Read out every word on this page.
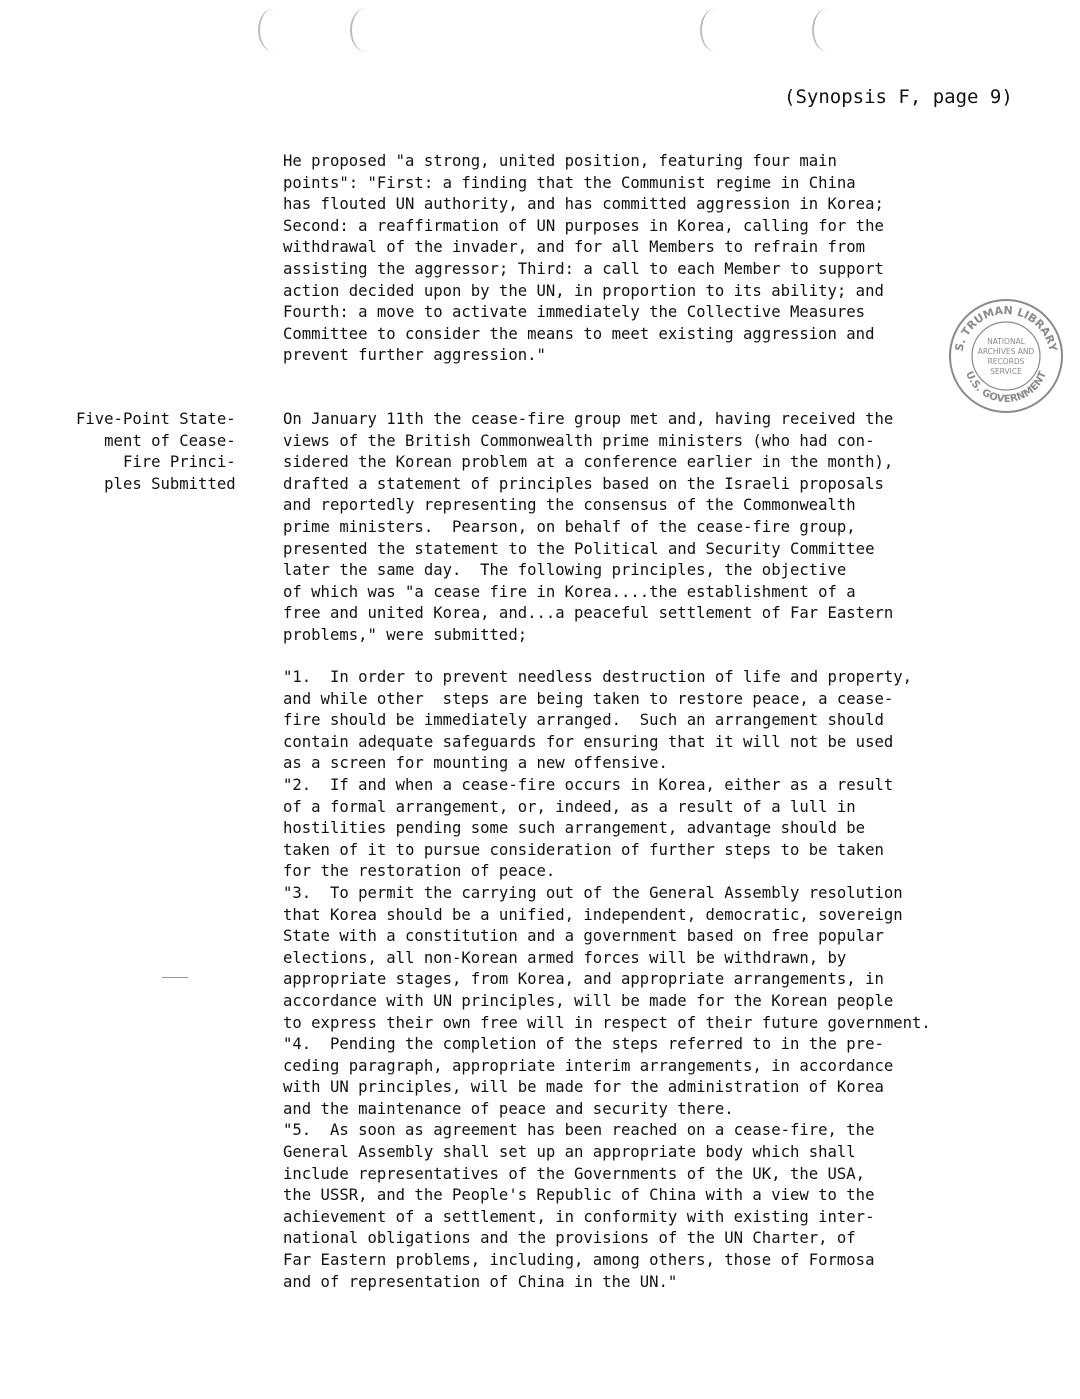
(Synopsis F, page 9)
He proposed "a strong, united position, featuring four main
points": "First: a finding that the Communist regime in China
has flouted UN authority, and has committed aggression in Korea;
Second: a reaffirmation of UN purposes in Korea, calling for the
withdrawal of the invader, and for all Members to refrain from
assisting the aggressor; Third: a call to each Member to support
action decided upon by the UN, in proportion to its ability; and
Fourth: a move to activate immediately the Collective Measures
Committee to consider the means to meet existing aggression and
prevent further aggression."
Five-Point State-
ment of Cease-
Fire Princi-
ples Submitted
On January 11th the cease-fire group met and, having received the
views of the British Commonwealth prime ministers (who had con-
sidered the Korean problem at a conference earlier in the month),
drafted a statement of principles based on the Israeli proposals
and reportedly representing the consensus of the Commonwealth
prime ministers.  Pearson, on behalf of the cease-fire group,
presented the statement to the Political and Security Committee
later the same day.  The following principles, the objective
of which was "a cease fire in Korea....the establishment of a
free and united Korea, and...a peaceful settlement of Far Eastern
problems," were submitted;
"1.  In order to prevent needless destruction of life and property,
and while other  steps are being taken to restore peace, a cease-
fire should be immediately arranged.  Such an arrangement should
contain adequate safeguards for ensuring that it will not be used
as a screen for mounting a new offensive.
"2.  If and when a cease-fire occurs in Korea, either as a result
of a formal arrangement, or, indeed, as a result of a lull in
hostilities pending some such arrangement, advantage should be
taken of it to pursue consideration of further steps to be taken
for the restoration of peace.
"3.  To permit the carrying out of the General Assembly resolution
that Korea should be a unified, independent, democratic, sovereign
State with a constitution and a government based on free popular
elections, all non-Korean armed forces will be withdrawn, by
appropriate stages, from Korea, and appropriate arrangements, in
accordance with UN principles, will be made for the Korean people
to express their own free will in respect of their future government.
"4.  Pending the completion of the steps referred to in the pre-
ceding paragraph, appropriate interim arrangements, in accordance
with UN principles, will be made for the administration of Korea
and the maintenance of peace and security there.
"5.  As soon as agreement has been reached on a cease-fire, the
General Assembly shall set up an appropriate body which shall
include representatives of the Governments of the UK, the USA,
the USSR, and the People's Republic of China with a view to the
achievement of a settlement, in conformity with existing inter-
national obligations and the provisions of the UN Charter, of
Far Eastern problems, including, among others, those of Formosa
and of representation of China in the UN."
S. TRUMAN LIBRARY
U.S. GOVERNMENT
NATIONAL
ARCHIVES AND
RECORDS
SERVICE
